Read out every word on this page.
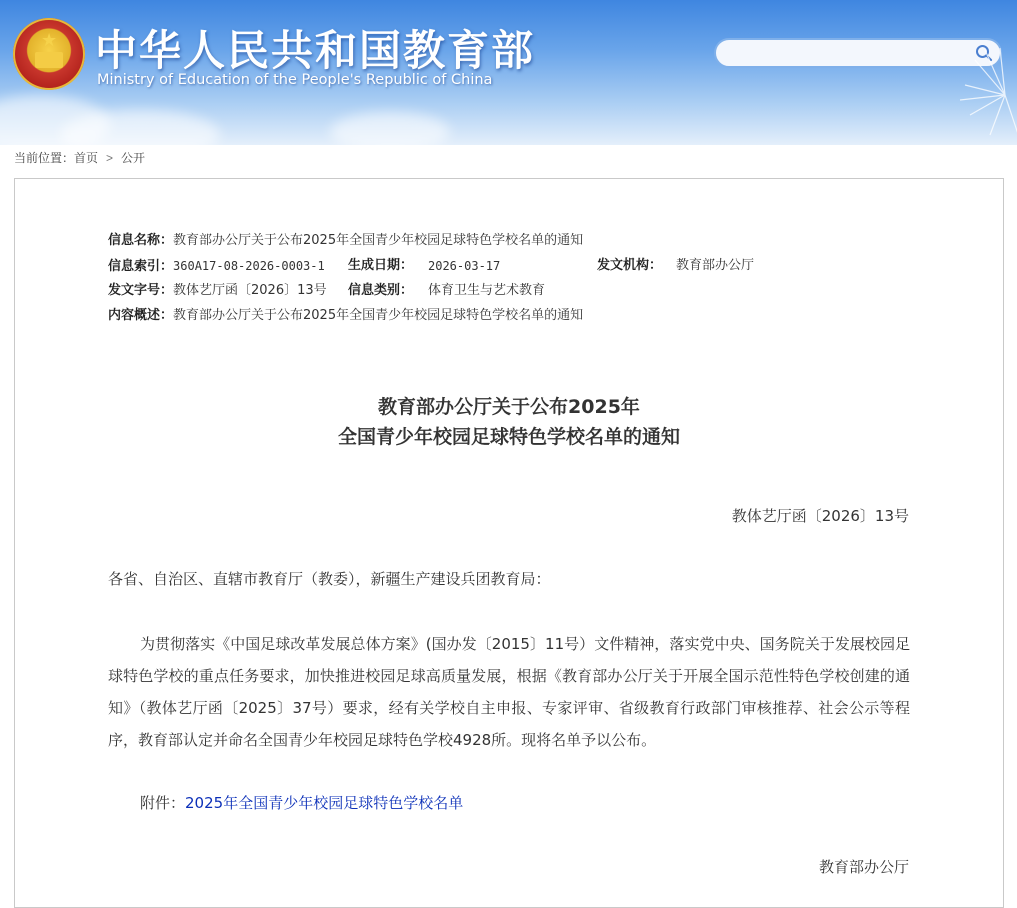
★ 中华人民共和国教育部
Ministry of Education of the People's Republic of China
当前位置：首页 > 公开
信息名称：教育部办公厅关于公布2025年全国青少年校园足球特色学校名单的通知
信息索引：360A17-08-2026-0003-1 生成日期： 2026-03-17	发文机构： 教育部办公厅
发文字号：教体艺厅函〔2026〕13号 信息类别： 体育卫生与艺术教育
内容概述：教育部办公厅关于公布2025年全国青少年校园足球特色学校名单的通知
教育部办公厅关于公布2025年
全国青少年校园足球特色学校名单的通知
教体艺厅函〔2026〕13号
各省、自治区、直辖市教育厅（教委），新疆生产建设兵团教育局：
为贯彻落实《中国足球改革发展总体方案》(国办发〔2015〕11号）文件精神，落实党中央、国务院关于发展校园足球特色学校的重点任务要求，加快推进校园足球高质量发展，根据《教育部办公厅关于开展全国示范性特色学校创建的通知》（教体艺厅函〔2025〕37号）要求，经有关学校自主申报、专家评审、省级教育行政部门审核推荐、社会公示等程序，教育部认定并命名全国青少年校园足球特色学校4928所。现将名单予以公布。
附件：2025年全国青少年校园足球特色学校名单
教育部办公厅
